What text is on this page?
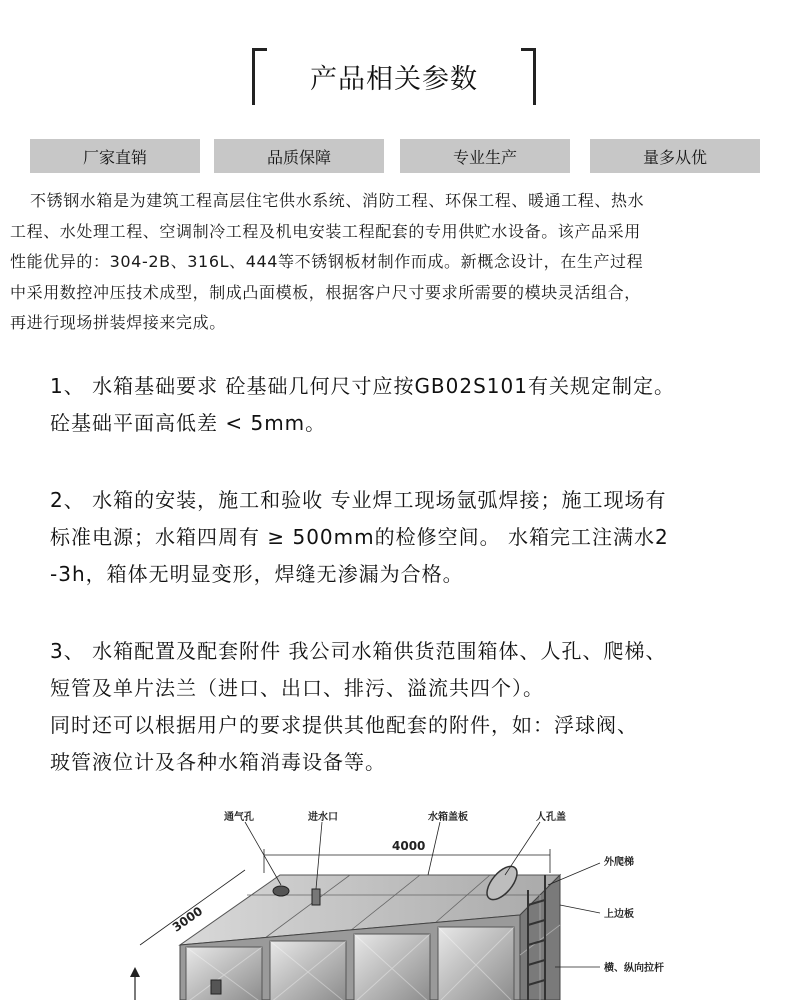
产品相关参数
厂家直销	品质保障	专业生产	量多从优

不锈钢水箱是为建筑工程高层住宅供水系统、消防工程、环保工程、暖通工程、热水

工程、水处理工程、空调制冷工程及机电安装工程配套的专用供贮水设备。该产品采用

性能优异的：304-2B、316L、444等不锈钢板材制作而成。新概念设计，在生产过程

中采用数控冲压技术成型，制成凸面模板，根据客户尺寸要求所需要的模块灵活组合，

再进行现场拼装焊接来完成。

1、 水箱基础要求 砼基础几何尺寸应按GB02S101有关规定制定。

砼基础平面高低差 < 5mm。

2、 水箱的安装，施工和验收 专业焊工现场氩弧焊接；施工现场有

标准电源；水箱四周有 ≥ 500mm的检修空间。 水箱完工注满水2

-3h，箱体无明显变形，焊缝无渗漏为合格。

3、 水箱配置及配套附件 我公司水箱供货范围箱体、人孔、爬梯、

短管及单片法兰（进口、出口、排污、溢流共四个）。

同时还可以根据用户的要求提供其他配套的附件，如：浮球阀、

玻管液位计及各种水箱消毒设备等。

4000
3000
通气孔	进水口	水箱盖板	人孔盖
外爬梯
上边板
横、纵向拉杆
